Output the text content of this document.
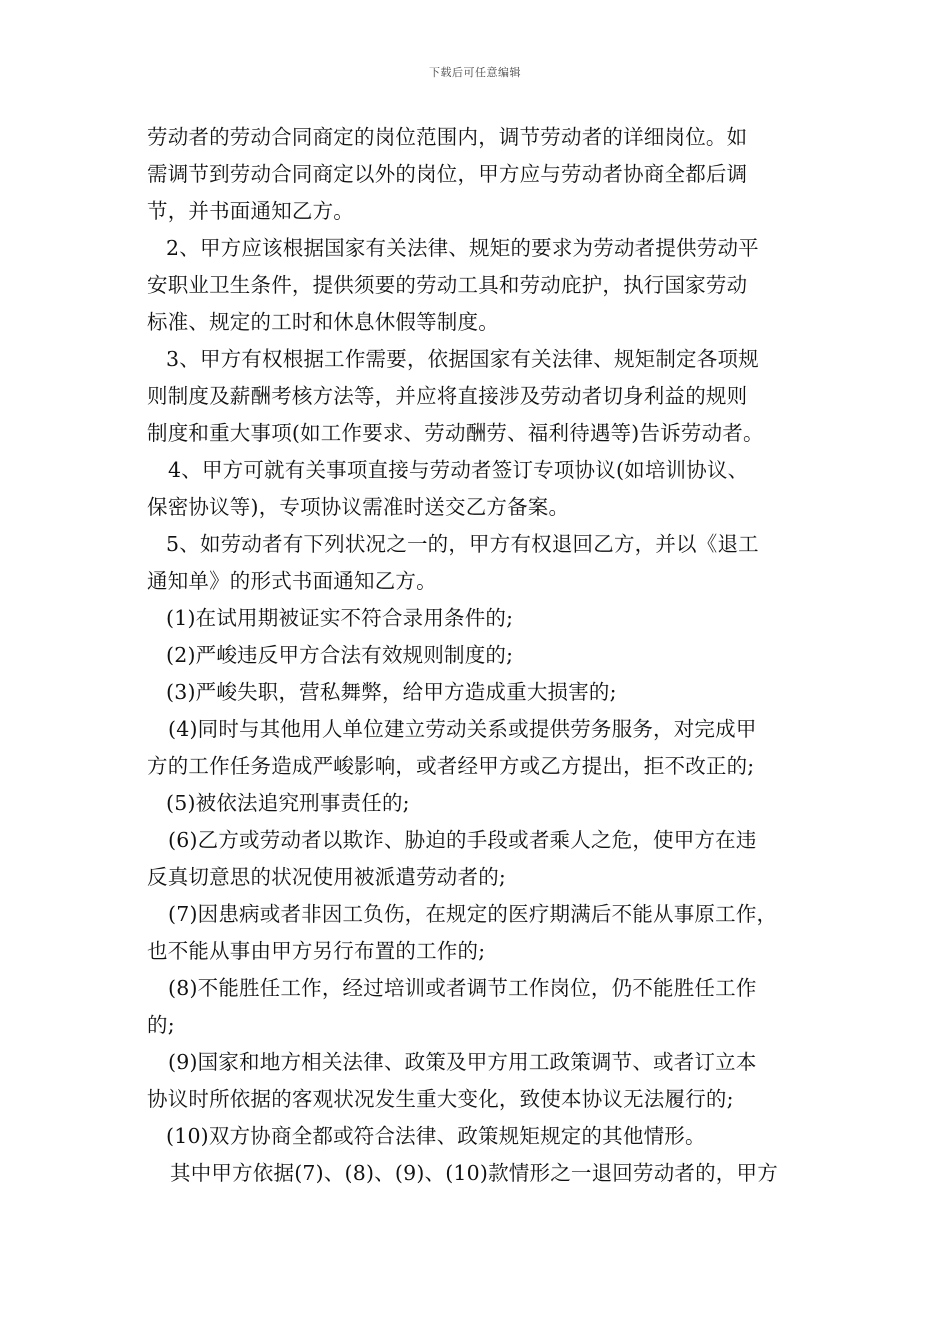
下载后可任意编辑
劳动者的劳动合同商定的岗位范围内，调节劳动者的详细岗位。如
需调节到劳动合同商定以外的岗位，甲方应与劳动者协商全都后调
节，并书面通知乙方。
2、甲方应该根据国家有关法律、规矩的要求为劳动者提供劳动平
安职业卫生条件，提供须要的劳动工具和劳动庇护，执行国家劳动
标准、规定的工时和休息休假等制度。
3、甲方有权根据工作需要，依据国家有关法律、规矩制定各项规
则制度及薪酬考核方法等，并应将直接涉及劳动者切身利益的规则
制度和重大事项(如工作要求、劳动酬劳、福利待遇等)告诉劳动者。
4、甲方可就有关事项直接与劳动者签订专项协议(如培训协议、
保密协议等)，专项协议需准时送交乙方备案。
5、如劳动者有下列状况之一的，甲方有权退回乙方，并以《退工
通知单》的形式书面通知乙方。
(1)在试用期被证实不符合录用条件的;
(2)严峻违反甲方合法有效规则制度的;
(3)严峻失职，营私舞弊，给甲方造成重大损害的;
(4)同时与其他用人单位建立劳动关系或提供劳务服务，对完成甲
方的工作任务造成严峻影响，或者经甲方或乙方提出，拒不改正的;
(5)被依法追究刑事责任的;
(6)乙方或劳动者以欺诈、胁迫的手段或者乘人之危，使甲方在违
反真切意思的状况使用被派遣劳动者的;
(7)因患病或者非因工负伤，在规定的医疗期满后不能从事原工作，
也不能从事由甲方另行布置的工作的;
(8)不能胜任工作，经过培训或者调节工作岗位，仍不能胜任工作
的;
(9)国家和地方相关法律、政策及甲方用工政策调节、或者订立本
协议时所依据的客观状况发生重大变化，致使本协议无法履行的;
(10)双方协商全都或符合法律、政策规矩规定的其他情形。
其中甲方依据(7)、(8)、(9)、(10)款情形之一退回劳动者的，甲方
